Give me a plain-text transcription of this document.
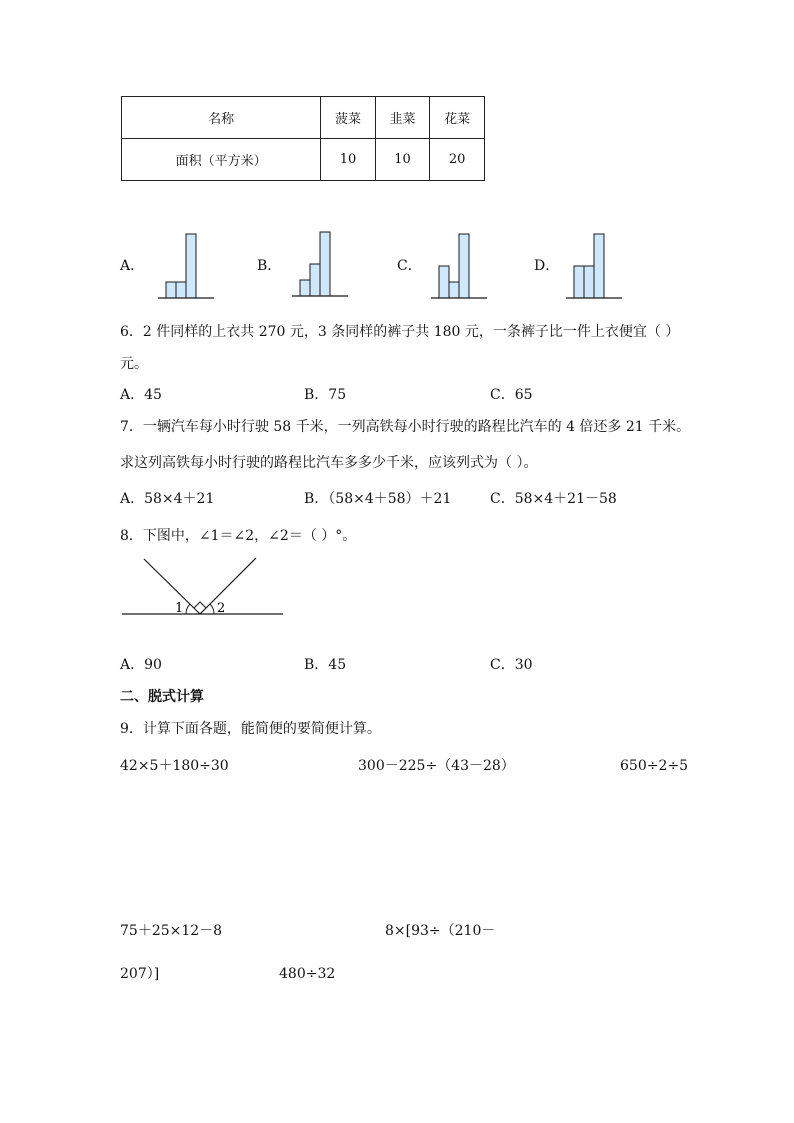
名称	菠菜	韭菜	花菜
面积（平方米）	10	10	20
A．	B．	C．	D．
6．2 件同样的上衣共 270 元，3 条同样的裤子共 180 元，一条裤子比一件上衣便宜（ ）
元。
A．45	B．75	C．65
7．一辆汽车每小时行驶 58 千米，一列高铁每小时行驶的路程比汽车的 4 倍还多 21 千米。
求这列高铁每小时行驶的路程比汽车多多少千米，应该列式为（ ）。
A．58×4＋21	B．（58×4＋58）＋21	C．58×4＋21－58
8．下图中，∠1＝∠2，∠2＝（ ）°。
1	2
A．90	B．45	C．30
二、脱式计算
9．计算下面各题，能简便的要简便计算。
42×5＋180÷30	300－225÷（43－28）	650÷2÷5
75＋25×12－8	8×[93÷（210－
207）]	480÷32
